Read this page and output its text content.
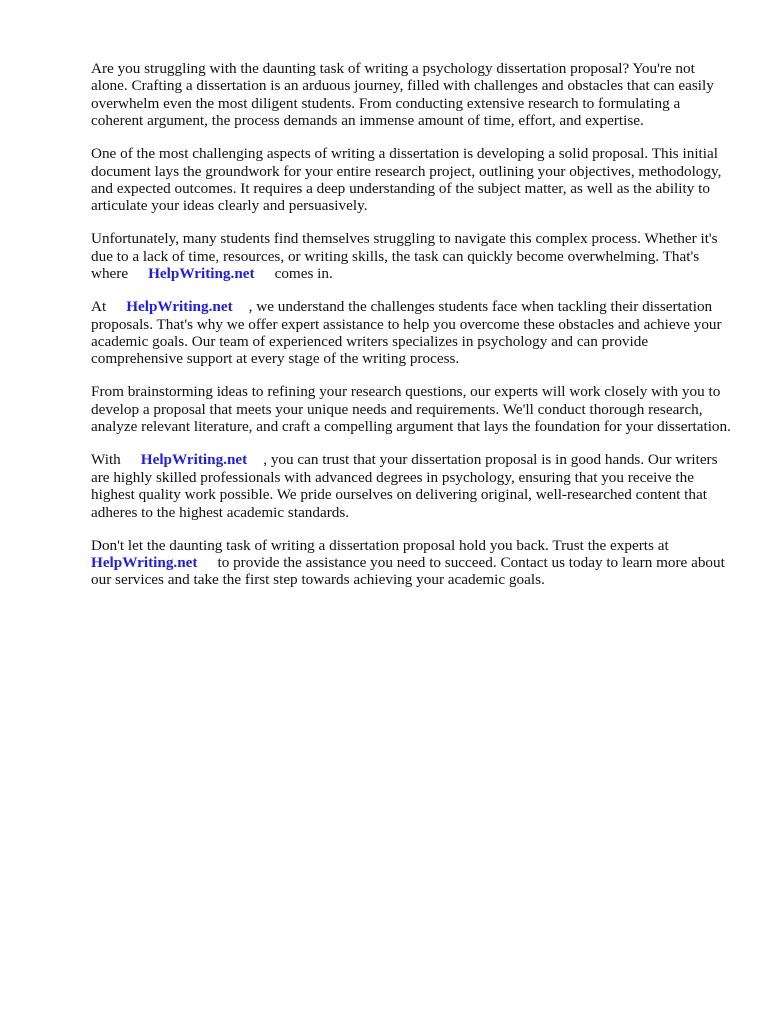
Are you struggling with the daunting task of writing a psychology dissertation proposal? You're not alone. Crafting a dissertation is an arduous journey, filled with challenges and obstacles that can easily overwhelm even the most diligent students. From conducting extensive research to formulating a coherent argument, the process demands an immense amount of time, effort, and expertise.

One of the most challenging aspects of writing a dissertation is developing a solid proposal. This initial document lays the groundwork for your entire research project, outlining your objectives, methodology, and expected outcomes. It requires a deep understanding of the subject matter, as well as the ability to articulate your ideas clearly and persuasively.

Unfortunately, many students find themselves struggling to navigate this complex process. Whether it's due to a lack of time, resources, or writing skills, the task can quickly become overwhelming. That's where HelpWriting.net comes in.

At HelpWriting.net , we understand the challenges students face when tackling their dissertation proposals. That's why we offer expert assistance to help you overcome these obstacles and achieve your academic goals. Our team of experienced writers specializes in psychology and can provide comprehensive support at every stage of the writing process.

From brainstorming ideas to refining your research questions, our experts will work closely with you to develop a proposal that meets your unique needs and requirements. We'll conduct thorough research, analyze relevant literature, and craft a compelling argument that lays the foundation for your dissertation.

With HelpWriting.net , you can trust that your dissertation proposal is in good hands. Our writers are highly skilled professionals with advanced degrees in psychology, ensuring that you receive the highest quality work possible. We pride ourselves on delivering original, well-researched content that adheres to the highest academic standards.

Don't let the daunting task of writing a dissertation proposal hold you back. Trust the experts at HelpWriting.net to provide the assistance you need to succeed. Contact us today to learn more about our services and take the first step towards achieving your academic goals.
